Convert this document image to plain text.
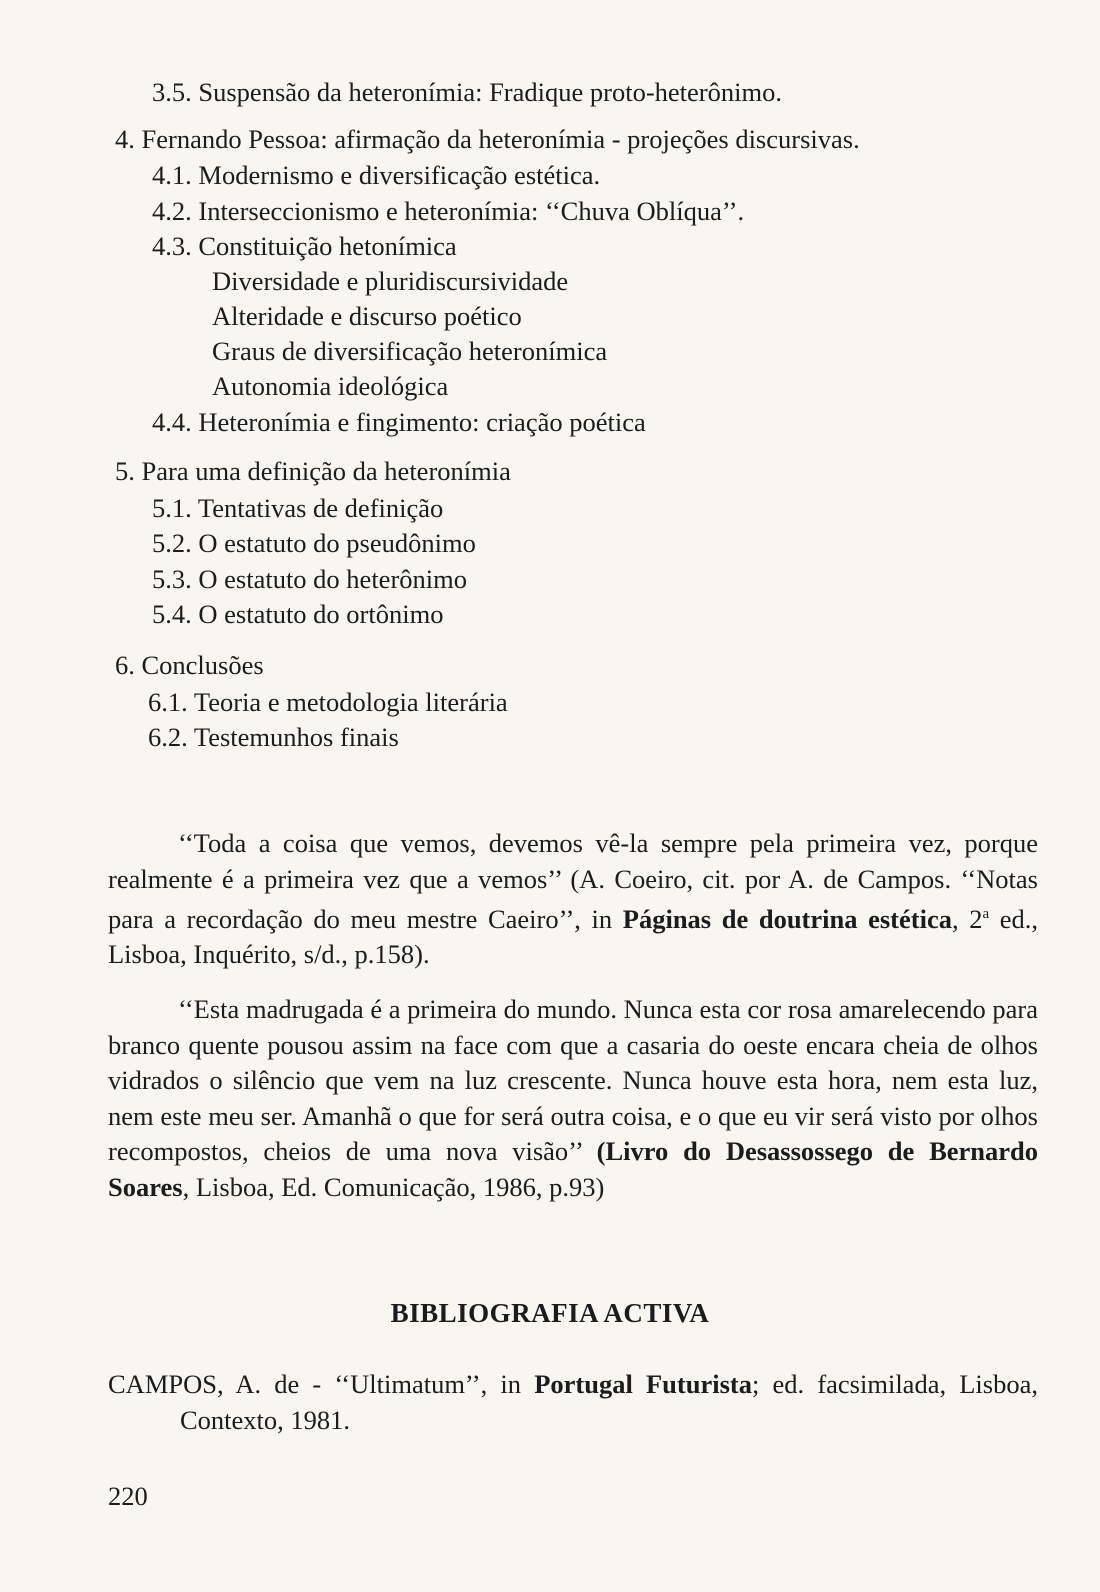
3.5. Suspensão da heteronímia: Fradique proto-heterônimo.
4. Fernando Pessoa: afirmação da heteronímia - projeções discursivas.
4.1. Modernismo e diversificação estética.
4.2. Interseccionismo e heteronímia: ‘‘Chuva Oblíqua’’.
4.3. Constituição hetonímica
Diversidade e pluridiscursividade
Alteridade e discurso poético
Graus de diversificação heteronímica
Autonomia ideológica
4.4. Heteronímia e fingimento: criação poética
5. Para uma definição da heteronímia
5.1. Tentativas de definição
5.2. O estatuto do pseudônimo
5.3. O estatuto do heterônimo
5.4. O estatuto do ortônimo
6. Conclusões
6.1. Teoria e metodologia literária
6.2. Testemunhos finais
‘‘Toda a coisa que vemos, devemos vê-la sempre pela primeira vez, porque realmente é a primeira vez que a vemos’’ (A. Coeiro, cit. por A. de Campos. ‘‘Notas para a recordação do meu mestre Caeiro’’, in Páginas de doutrina estética, 2$^a$ ed., Lisboa, Inquérito, s/d., p.158).
‘‘Esta madrugada é a primeira do mundo. Nunca esta cor rosa amarelecendo para branco quente pousou assim na face com que a casaria do oeste encara cheia de olhos vidrados o silêncio que vem na luz crescente. Nunca houve esta hora, nem esta luz, nem este meu ser. Amanhã o que for será outra coisa, e o que eu vir será visto por olhos recompostos, cheios de uma nova visão’’ (Livro do Desassossego de Bernardo Soares, Lisboa, Ed. Comunicação, 1986, p.93)
BIBLIOGRAFIA ACTIVA
CAMPOS, A. de - ‘‘Ultimatum’’, in Portugal Futurista; ed. facsimilada, Lisboa, Contexto, 1981.
220
